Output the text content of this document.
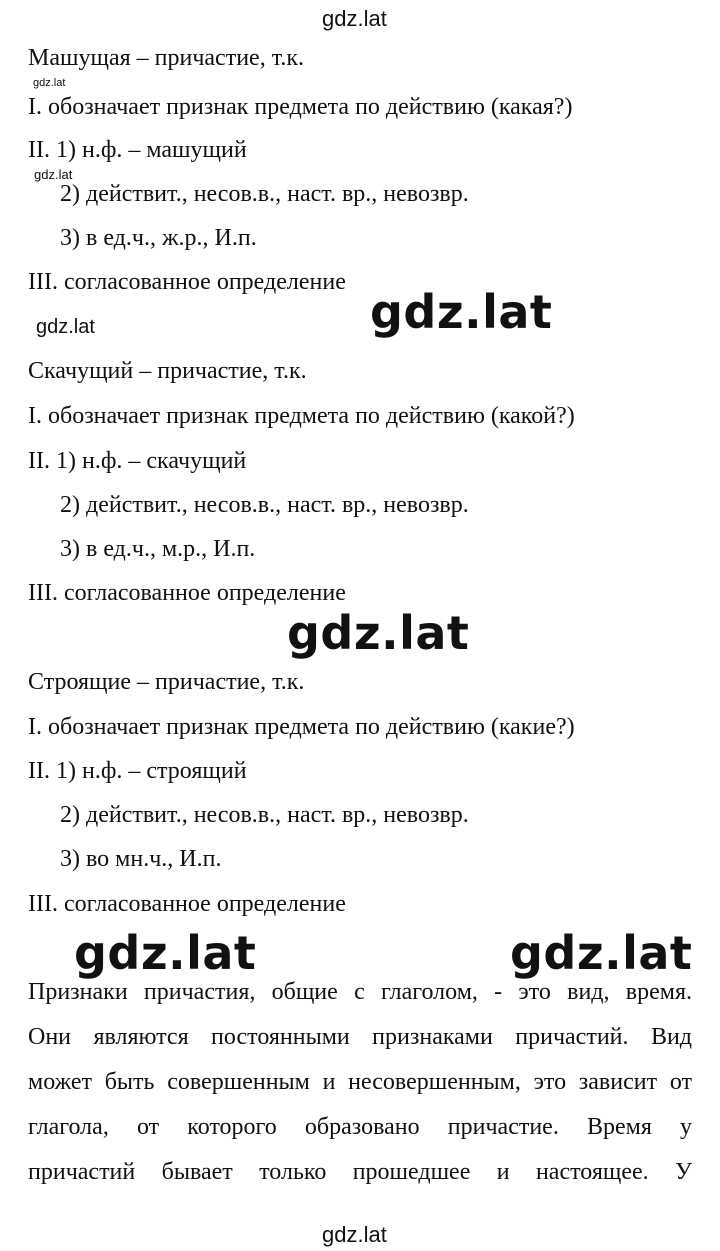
gdz.lat
gdz.lat
gdz.lat
gdz.lat	gdz.lat
gdz.lat
gdz.lat	gdz.lat
gdz.lat
Машущая – причастие, т.к.
I. обозначает признак предмета по действию (какая?)
II. 1) н.ф. – машущий
2) действит., несов.в., наст. вр., невозвр.
3) в ед.ч., ж.р., И.п.
III. согласованное определение
Скачущий – причастие, т.к.
I. обозначает признак предмета по действию (какой?)
II. 1) н.ф. – скачущий
2) действит., несов.в., наст. вр., невозвр.
3) в ед.ч., м.р., И.п.
III. согласованное определение
Строящие – причастие, т.к.
I. обозначает признак предмета по действию (какие?)
II. 1) н.ф. – строящий
2) действит., несов.в., наст. вр., невозвр.
3) во мн.ч., И.п.
III. согласованное определение
Признаки причастия, общие с глаголом, - это вид, время.
Они являются постоянными признаками причастий. Вид
может быть совершенным и несовершенным, это зависит от
глагола, от которого образовано причастие. Время у
причастий бывает только прошедшее и настоящее. У
